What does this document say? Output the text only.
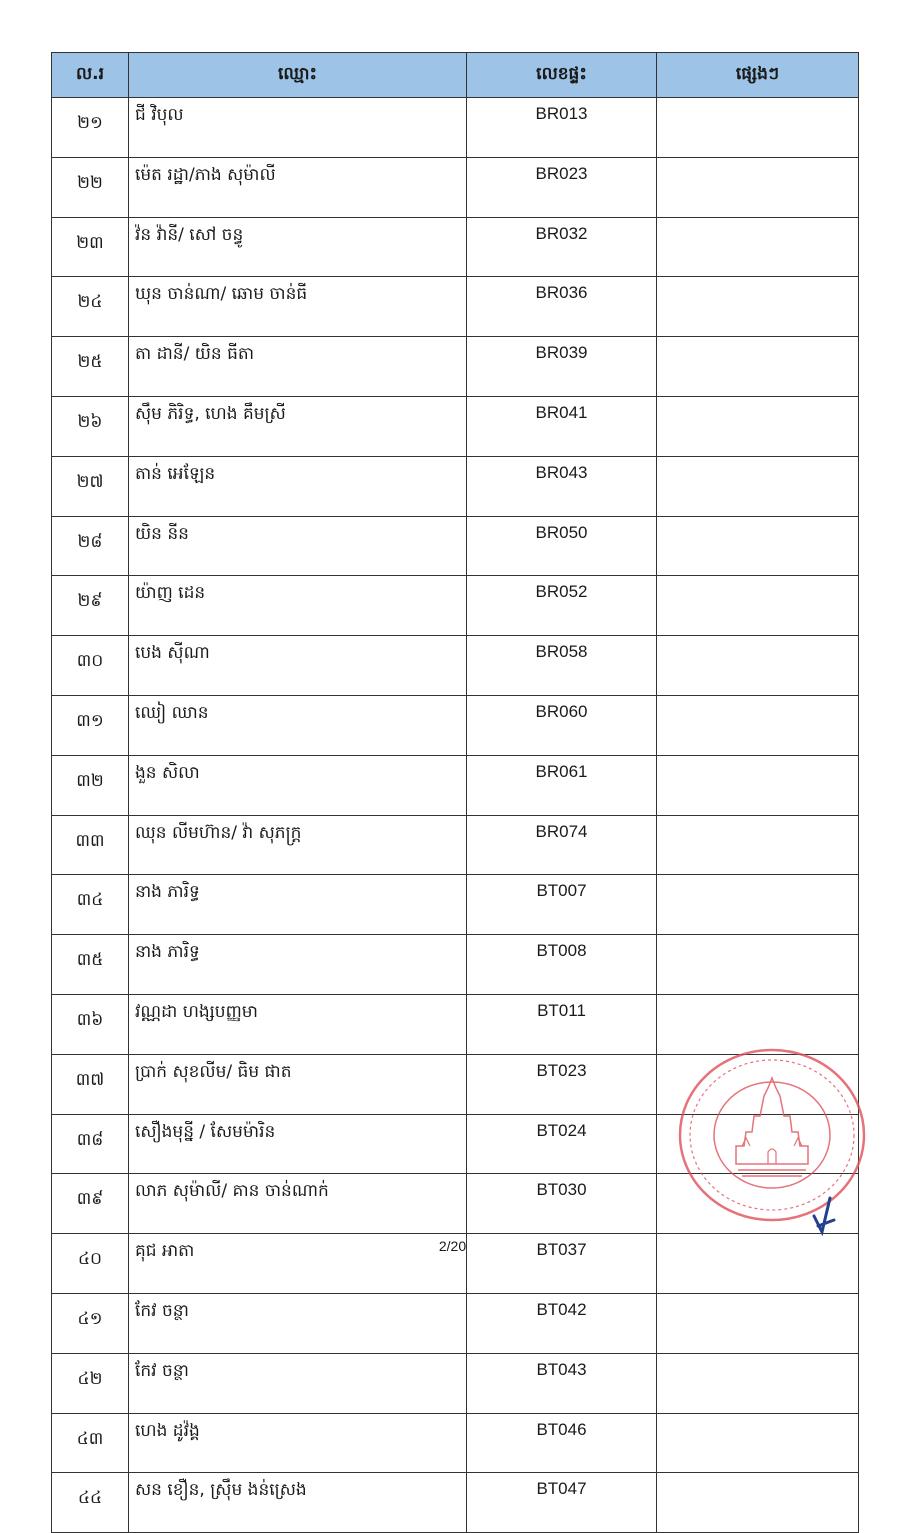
ល.រ	ឈ្មោះ	លេខផ្ទះ	ផ្សេងៗ
២១	ជី វិបុល	BR013	
២២	ម៉េត រដ្ឋា/ភាង សុម៉ាលី	BR023	
២៣	វ៉ន វ៉ានី/ សៅ ចន្ធូ	BR032	
២៤	ឃុន ចាន់ណា/ ឆោម ចាន់ធី	BR036	
២៥	តា ដានី/ យិន ធីតា	BR039	
២៦	ស៊ឹម ភិរិទ្ធ, ហេង គឹមស្រី	BR041	
២៧	តាន់ អេឡែន	BR043	
២៨	យិន នីន	BR050	
២៩	យ៉ាញ ដេន	BR052	
៣០	បេង ស៊ីណា	BR058	
៣១	ឈៀ ឈាន	BR060	
៣២	ងួន សិលា	BR061	
៣៣	ឈុន លីមហ៊ាន/ វ៉ា សុភក្ត្រ	BR074	
៣៤	នាង ភារិទ្ធ	BT007	
៣៥	នាង ភារិទ្ធ	BT008	
៣៦	វណ្ណដា ហង្សបញ្ញមា	BT011	
៣៧	ប្រាក់ សុខលីម/ ធិម ផាត	BT023	
៣៨	សឿងមុន្នី / សែមម៉ារិន	BT024	
៣៩	លាភ សុម៉ាលី/ គាន ចាន់ណាក់	BT030	
៤០	គុជ អាតា	BT037	
៤១	កែវ ចន្ថា	BT042	
៤២	កែវ ចន្ថា	BT043	
៤៣	ហេង ដូវ៉ង្គ	BT046	
៤៤	សន ខឿន, ស្រ៊ឹម ងន់ស្រេង	BT047	
2/20
